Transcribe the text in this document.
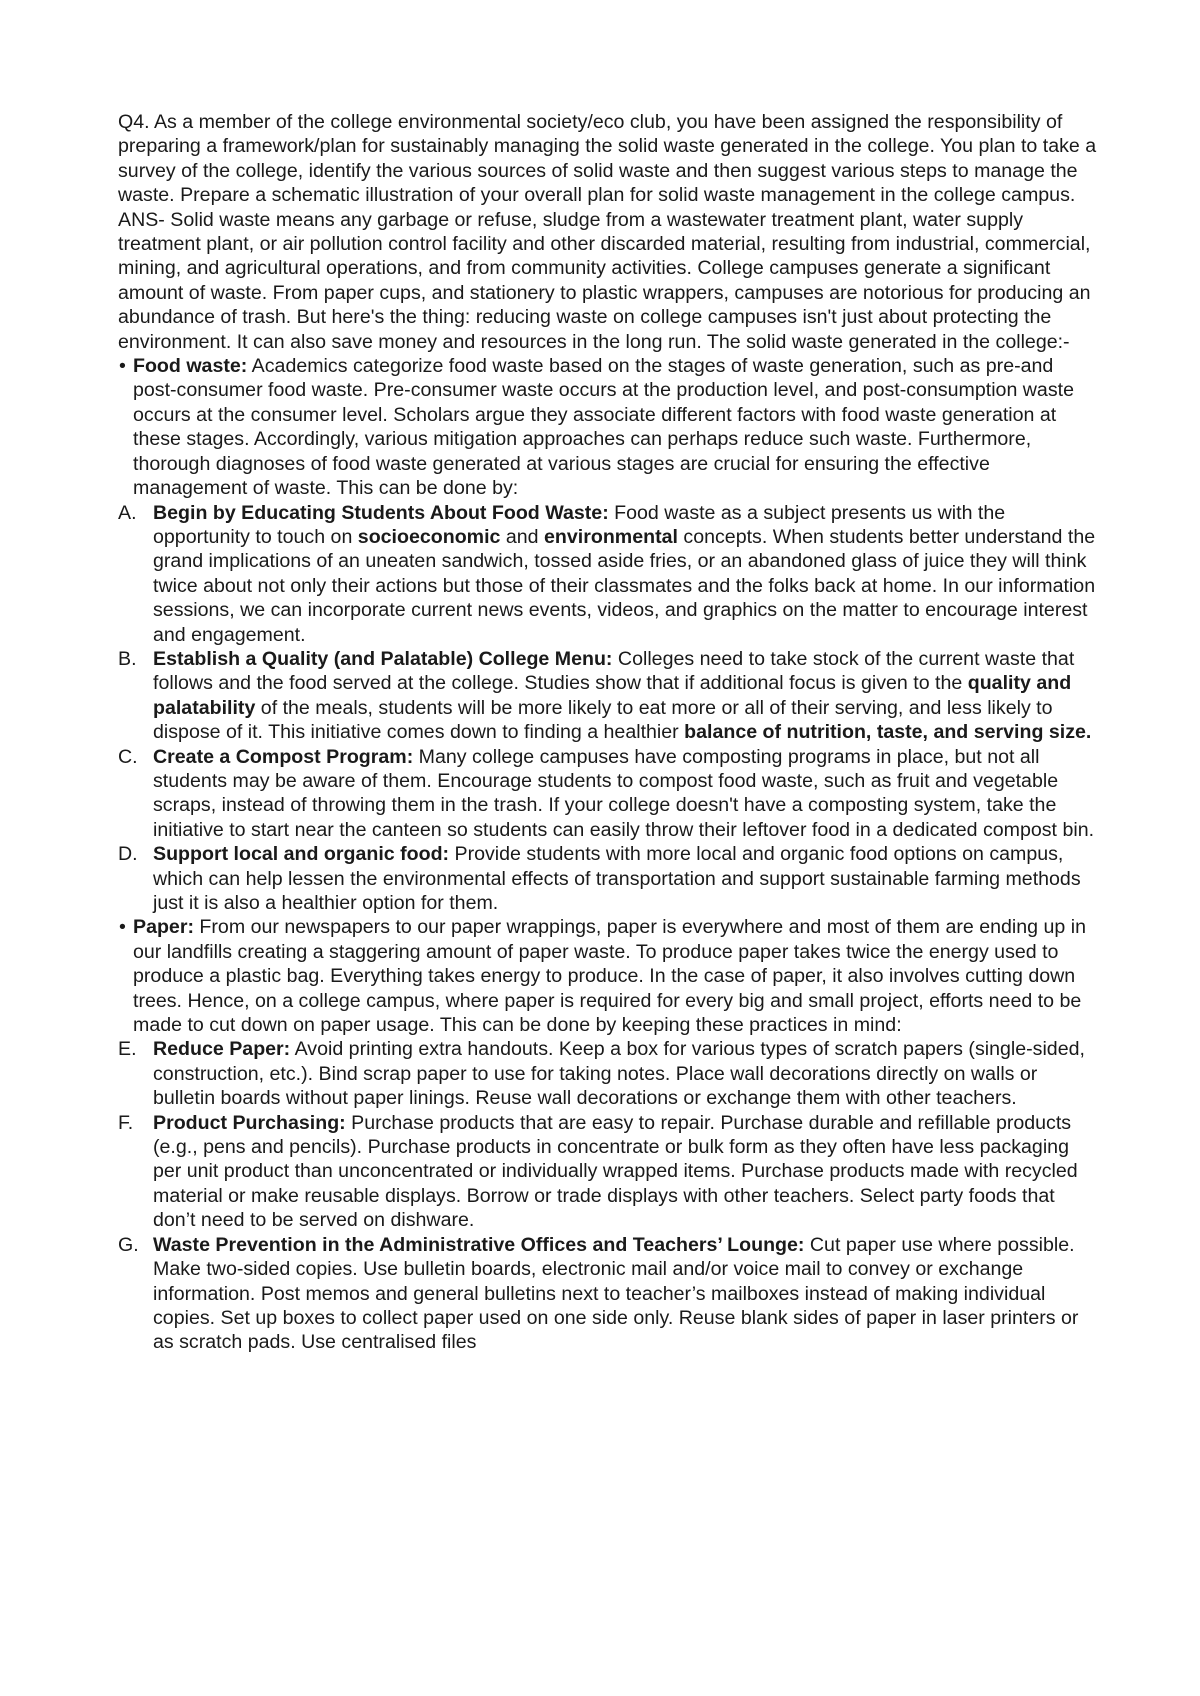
Q4. As a member of the college environmental society/eco club, you have been assigned the responsibility of preparing a framework/plan for sustainably managing the solid waste generated in the college. You plan to take a survey of the college, identify the various sources of solid waste and then suggest various steps to manage the waste. Prepare a schematic illustration of your overall plan for solid waste management in the college campus.

ANS- Solid waste means any garbage or refuse, sludge from a wastewater treatment plant, water supply treatment plant, or air pollution control facility and other discarded material, resulting from industrial, commercial, mining, and agricultural operations, and from community activities. College campuses generate a significant amount of waste. From paper cups, and stationery to plastic wrappers, campuses are notorious for producing an abundance of trash. But here's the thing: reducing waste on college campuses isn't just about protecting the environment. It can also save money and resources in the long run. The solid waste generated in the college:-

• Food waste: Academics categorize food waste based on the stages of waste generation, such as pre-and post-consumer food waste. Pre-consumer waste occurs at the production level, and post-consumption waste occurs at the consumer level. Scholars argue they associate different factors with food waste generation at these stages. Accordingly, various mitigation approaches can perhaps reduce such waste. Furthermore, thorough diagnoses of food waste generated at various stages are crucial for ensuring the effective management of waste. This can be done by:
A. Begin by Educating Students About Food Waste: Food waste as a subject presents us with the opportunity to touch on socioeconomic and environmental concepts. When students better understand the grand implications of an uneaten sandwich, tossed aside fries, or an abandoned glass of juice they will think twice about not only their actions but those of their classmates and the folks back at home. In our information sessions, we can incorporate current news events, videos, and graphics on the matter to encourage interest and engagement.
B. Establish a Quality (and Palatable) College Menu: Colleges need to take stock of the current waste that follows and the food served at the college. Studies show that if additional focus is given to the quality and palatability of the meals, students will be more likely to eat more or all of their serving, and less likely to dispose of it. This initiative comes down to finding a healthier balance of nutrition, taste, and serving size.
C. Create a Compost Program: Many college campuses have composting programs in place, but not all students may be aware of them. Encourage students to compost food waste, such as fruit and vegetable scraps, instead of throwing them in the trash. If your college doesn't have a composting system, take the initiative to start near the canteen so students can easily throw their leftover food in a dedicated compost bin.
D. Support local and organic food: Provide students with more local and organic food options on campus, which can help lessen the environmental effects of transportation and support sustainable farming methods just it is also a healthier option for them.
• Paper: From our newspapers to our paper wrappings, paper is everywhere and most of them are ending up in our landfills creating a staggering amount of paper waste. To produce paper takes twice the energy used to produce a plastic bag. Everything takes energy to produce. In the case of paper, it also involves cutting down trees. Hence, on a college campus, where paper is required for every big and small project, efforts need to be made to cut down on paper usage. This can be done by keeping these practices in mind:
E. Reduce Paper: Avoid printing extra handouts. Keep a box for various types of scratch papers (single-sided, construction, etc.). Bind scrap paper to use for taking notes. Place wall decorations directly on walls or bulletin boards without paper linings. Reuse wall decorations or exchange them with other teachers.
F. Product Purchasing: Purchase products that are easy to repair. Purchase durable and refillable products (e.g., pens and pencils). Purchase products in concentrate or bulk form as they often have less packaging per unit product than unconcentrated or individually wrapped items. Purchase products made with recycled material or make reusable displays. Borrow or trade displays with other teachers. Select party foods that don’t need to be served on dishware.
G. Waste Prevention in the Administrative Offices and Teachers’ Lounge: Cut paper use where possible. Make two-sided copies. Use bulletin boards, electronic mail and/or voice mail to convey or exchange information. Post memos and general bulletins next to teacher’s mailboxes instead of making individual copies. Set up boxes to collect paper used on one side only. Reuse blank sides of paper in laser printers or as scratch pads. Use centralised files
